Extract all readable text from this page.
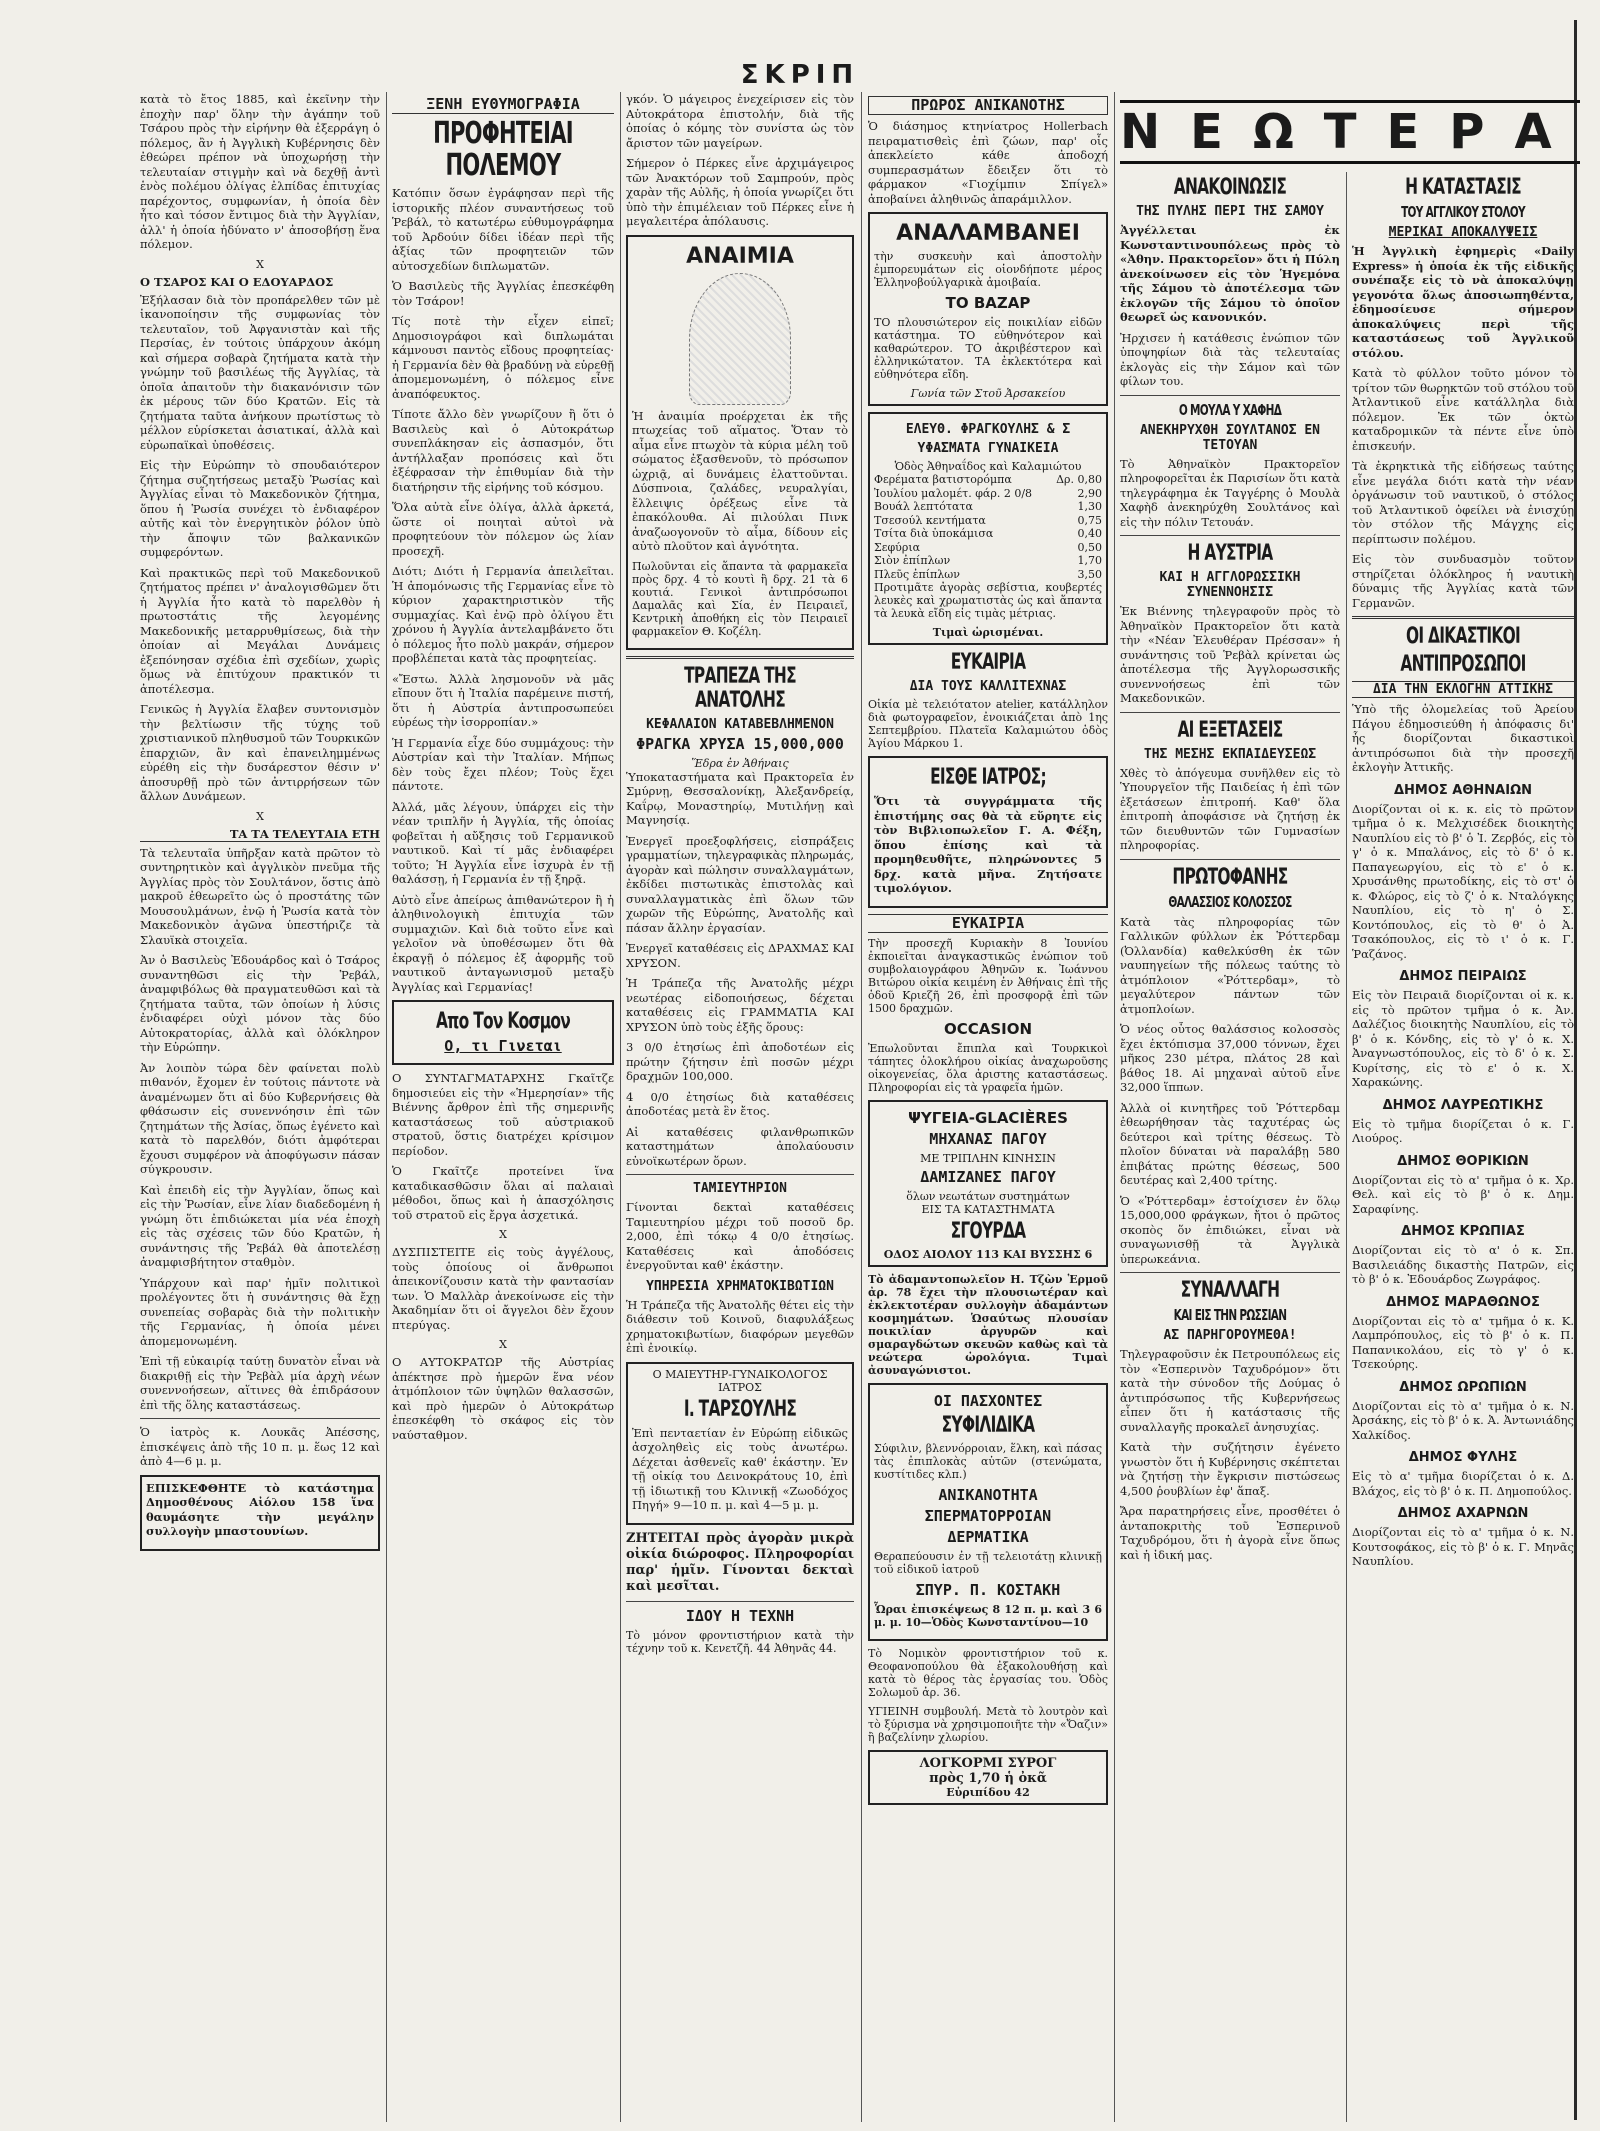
ΣΚΡΙΠ

κατὰ τὸ ἔτος 1885, καὶ ἐκεῖνην τὴν ἐποχὴν παρ' ὅλην τὴν ἀγάπην τοῦ Τσάρου πρὸς τὴν εἰρήνην θὰ ἐξερράγη ὁ πόλεμος, ἂν ἡ Ἀγγλικὴ Κυβέρνησις δὲν ἐθεώρει πρέπον νὰ ὑποχωρήσῃ τὴν τελευταίαν στιγμὴν καὶ νὰ δεχθῇ ἀντὶ ἑνὸς πολέμου ὀλίγας ἐλπίδας ἐπιτυχίας παρέχοντος, συμφωνίαν, ἡ ὁποία δὲν ἦτο καὶ τόσον ἔντιμος διὰ τὴν Ἀγγλίαν, ἀλλ' ἡ ὁποία ἠδύνατο ν' ἀποσοβήσῃ ἕνα πόλεμον.

Χ
Ο ΤΣΑΡΟΣ ΚΑΙ Ο ΕΔΟΥΑΡΔΟΣ

Ἐξήλασαν διὰ τὸν προπάρελθεν τῶν μὲ ἱκανοποίησιν τῆς συμφωνίας τὸν τελευταῖον, τοῦ Ἀφγανιστὰν καὶ τῆς Περσίας, ἐν τούτοις ὑπάρχουν ἀκόμη καὶ σήμερα σοβαρὰ ζητήματα κατὰ τὴν γνώμην τοῦ βασιλέως τῆς Ἀγγλίας, τὰ ὁποῖα ἀπαιτοῦν τὴν διακανόνισιν τῶν ἐκ μέρους τῶν δύο Κρατῶν. Εἰς τὰ ζητήματα ταῦτα ἀνήκουν πρωτίστως τὸ μέλλον εὑρίσκεται ἀσιατικαί, ἀλλὰ καὶ εὐρωπαϊκαὶ ὑποθέσεις.

Εἰς τὴν Εὐρώπην τὸ σπουδαιότερον ζήτημα συζητήσεως μεταξὺ Ῥωσίας καὶ Ἀγγλίας εἶναι τὸ Μακεδονικὸν ζήτημα, ὅπου ἡ Ῥωσία συνέχει τὸ ἐνδιαφέρον αὐτῆς καὶ τὸν ἐνεργητικὸν ῥόλον ὑπὸ τὴν ἄποψιν τῶν βαλκανικῶν συμφερόντων.

Καὶ πρακτικῶς περὶ τοῦ Μακεδονικοῦ ζητήματος πρέπει ν' ἀναλογισθῶμεν ὅτι ἡ Ἀγγλία ἦτο κατὰ τὸ παρελθὸν ἡ πρωτοστάτις τῆς λεγομένης Μακεδονικῆς μεταρρυθμίσεως, διὰ τὴν ὁποίαν αἱ Μεγάλαι Δυνάμεις ἐξεπόνησαν σχέδια ἐπὶ σχεδίων, χωρὶς ὅμως νὰ ἐπιτύχουν πρακτικόν τι ἀποτέλεσμα.

Γενικῶς ἡ Ἀγγλία ἔλαβεν συντονισμὸν τὴν βελτίωσιν τῆς τύχης τοῦ χριστιανικοῦ πληθυσμοῦ τῶν Τουρκικῶν ἐπαρχιῶν, ἂν καὶ ἐπανειλημμένως εὑρέθη εἰς τὴν δυσάρεστον θέσιν ν' ἀποσυρθῇ πρὸ τῶν ἀντιρρήσεων τῶν ἄλλων Δυνάμεων.

Χ
ΤΑ ΤΑ ΤΕΛΕΥΤΑΙΑ ΕΤΗ

Τὰ τελευταῖα ὑπῆρξαν κατὰ πρῶτον τὸ συντηρητικὸν καὶ ἀγγλικὸν πνεῦμα τῆς Ἀγγλίας πρὸς τὸν Σουλτάνον, ὅστις ἀπὸ μακροῦ ἐθεωρεῖτο ὡς ὁ προστάτης τῶν Μουσουλμάνων, ἐνῷ ἡ Ῥωσία κατὰ τὸν Μακεδονικὸν ἀγῶνα ὑπεστήριζε τὰ Σλαυϊκὰ στοιχεῖα.

Ἀν ὁ Βασιλεὺς Ἐδουάρδος καὶ ὁ Τσάρος συναντηθῶσι εἰς τὴν Ῥεβάλ, ἀναμφιβόλως θὰ πραγματευθῶσι καὶ τὰ ζητήματα ταῦτα, τῶν ὁποίων ἡ λύσις ἐνδιαφέρει οὐχὶ μόνον τὰς δύο Αὐτοκρατορίας, ἀλλὰ καὶ ὁλόκληρον τὴν Εὐρώπην.

Ἀν λοιπὸν τώρα δὲν φαίνεται πολὺ πιθανόν, ἔχομεν ἐν τούτοις πάντοτε νὰ ἀναμένωμεν ὅτι αἱ δύο Κυβερνήσεις θὰ φθάσωσιν εἰς συνεννόησιν ἐπὶ τῶν ζητημάτων τῆς Ἀσίας, ὅπως ἐγένετο καὶ κατὰ τὸ παρελθόν, διότι ἀμφότεραι ἔχουσι συμφέρον νὰ ἀποφύγωσιν πάσαν σύγκρουσιν.

Καὶ ἐπειδὴ εἰς τὴν Ἀγγλίαν, ὅπως καὶ εἰς τὴν Ῥωσίαν, εἶνε λίαν διαδεδομένη ἡ γνώμη ὅτι ἐπιδιώκεται μία νέα ἐποχὴ εἰς τὰς σχέσεις τῶν δύο Κρατῶν, ἡ συνάντησις τῆς Ῥεβάλ θὰ ἀποτελέσῃ ἀναμφισβήτητον σταθμὸν.

Ὑπάρχουν καὶ παρ' ἡμῖν πολιτικοὶ προλέγοντες ὅτι ἡ συνάντησις θὰ ἔχῃ συνεπείας σοβαρὰς διὰ τὴν πολιτικὴν τῆς Γερμανίας, ἡ ὁποία μένει ἀπομεμονωμένη.

Ἐπὶ τῇ εὐκαιρίᾳ ταύτῃ δυνατὸν εἶναι νὰ διακριθῇ εἰς τὴν Ῥεβὰλ μία ἀρχὴ νέων συνεννοήσεων, αἵτινες θὰ ἐπιδράσουν ἐπὶ τῆς ὅλης καταστάσεως.

Ὁ ἰατρὸς κ. Λουκᾶς Ἀπέσσης, ἐπισκέψεις ἀπὸ τῆς 10 π. μ. ἕως 12 καὶ ἀπὸ 4—6 μ. μ.

ΕΠΙΣΚΕΦΘΗΤΕ τὸ κατάστημα Δημοσθένους Αἰόλου 158 ἵνα θαυμάσητε τὴν μεγάλην συλλογὴν μπαστουνίων.

ΞΕΝΗ ΕΥΘΥΜΟΓΡΑΦΙΑ
ΠΡΟΦΗΤΕΙΑΙ ΠΟΛΕΜΟΥ

Κατόπιν ὅσων ἐγράφησαν περὶ τῆς ἱστορικῆς πλέον συναντήσεως τοῦ Ῥεβάλ, τὸ κατωτέρω εὐθυμογράφημα τοῦ Ἀρδούιν δίδει ἰδέαν περὶ τῆς ἀξίας τῶν προφητειῶν τῶν αὐτοσχεδίων διπλωματῶν.

Ὁ Βασιλεὺς τῆς Ἀγγλίας ἐπεσκέφθη τὸν Τσάρον!

Τίς ποτὲ τὴν εἶχεν εἰπεῖ; Δημοσιογράφοι καὶ διπλωμάται κάμνουσι παντὸς εἴδους προφητείας· ἡ Γερμανία δὲν θὰ βραδύνῃ νὰ εὑρεθῇ ἀπομεμονωμένη, ὁ πόλεμος εἶνε ἀναπόφευκτος.

Τίποτε ἄλλο δὲν γνωρίζουν ἢ ὅτι ὁ Βασιλεὺς καὶ ὁ Αὐτοκράτωρ συνεπλάκησαν εἰς ἀσπασμόν, ὅτι ἀντήλλαξαν προπόσεις καὶ ὅτι ἐξέφρασαν τὴν ἐπιθυμίαν διὰ τὴν διατήρησιν τῆς εἰρήνης τοῦ κόσμου.

Ὅλα αὐτὰ εἶνε ὀλίγα, ἀλλὰ ἀρκετά, ὥστε οἱ ποιηταὶ αὐτοὶ νὰ προφητεύουν τὸν πόλεμον ὡς λίαν προσεχῆ.

Διότι; Διότι ἡ Γερμανία ἀπειλεῖται. Ἡ ἀπομόνωσις τῆς Γερμανίας εἶνε τὸ κύριον χαρακτηριστικὸν τῆς συμμαχίας. Καὶ ἐνῷ πρὸ ὀλίγου ἔτι χρόνου ἡ Ἀγγλία ἀντελαμβάνετο ὅτι ὁ πόλεμος ἦτο πολὺ μακράν, σήμερον προβλέπεται κατὰ τὰς προφητείας.

«Ἔστω. Ἀλλὰ λησμονοῦν νὰ μᾶς εἴπουν ὅτι ἡ Ἰταλία παρέμεινε πιστή, ὅτι ἡ Αὐστρία ἀντιπροσωπεύει εὐρέως τὴν ἰσορροπίαν.»

Ἡ Γερμανία εἶχε δύο συμμάχους: τὴν Αὐστρίαν καὶ τὴν Ἰταλίαν. Μήπως δὲν τοὺς ἔχει πλέον; Τοὺς ἔχει πάντοτε.

Ἀλλά, μᾶς λέγουν, ὑπάρχει εἰς τὴν νέαν τριπλῆν ἡ Ἀγγλία, τῆς ὁποίας φοβεῖται ἡ αὔξησις τοῦ Γερμανικοῦ ναυτικοῦ. Καὶ τί μᾶς ἐνδιαφέρει τοῦτο; Ἡ Ἀγγλία εἶνε ἰσχυρὰ ἐν τῇ θαλάσσῃ, ἡ Γερμανία ἐν τῇ ξηρᾷ.

Αὐτὸ εἶνε ἀπείρως ἀπιθανώτερον ἢ ἡ ἀληθινολογικὴ ἐπιτυχία τῶν συμμαχιῶν. Καὶ διὰ τοῦτο εἶνε καὶ γελοῖον νὰ ὑποθέσωμεν ὅτι θὰ ἐκραγῇ ὁ πόλεμος ἐξ ἀφορμῆς τοῦ ναυτικοῦ ἀνταγωνισμοῦ μεταξὺ Ἀγγλίας καὶ Γερμανίας!

Απο Τον Κοσμον
Ο, τι Γινεται

Ο ΣΥΝΤΑΓΜΑΤΑΡΧΗΣ Γκαῖτζε δημοσιεύει εἰς τὴν «Ἡμερησίαν» τῆς Βιέννης ἄρθρον ἐπὶ τῆς σημερινῆς καταστάσεως τοῦ αὐστριακοῦ στρατοῦ, ὅστις διατρέχει κρίσιμον περίοδον.

Ὁ Γκαῖτζε προτείνει ἵνα καταδικασθῶσιν ὅλαι αἱ παλαιαὶ μέθοδοι, ὅπως καὶ ἡ ἀπασχόλησις τοῦ στρατοῦ εἰς ἔργα ἀσχετικά.

Χ

ΔΥΣΠΙΣΤΕΙΤΕ εἰς τοὺς ἀγγέλους, τοὺς ὁποίους οἱ ἄνθρωποι ἀπεικονίζουσιν κατὰ τὴν φαντασίαν των. Ὁ Μαλλὰρ ἀνεκοίνωσε εἰς τὴν Ἀκαδημίαν ὅτι οἱ ἄγγελοι δὲν ἔχουν πτερύγας.

Χ

Ο ΑΥΤΟΚΡΑΤΩΡ τῆς Αὐστρίας ἀπέκτησε πρὸ ἡμερῶν ἕνα νέον ἀτμόπλοιον τῶν ὑψηλῶν θαλασσῶν, καὶ πρὸ ἡμερῶν ὁ Αὐτοκράτωρ ἐπεσκέφθη τὸ σκάφος εἰς τὸν ναύσταθμον.

γκόν. Ὁ μάγειρος ἐνεχείρισεν εἰς τὸν Αὐτοκράτορα ἐπιστολήν, διὰ τῆς ὁποίας ὁ κόμης τὸν συνίστα ὡς τὸν ἄριστον τῶν μαγείρων.

Σήμερον ὁ Πέρκες εἶνε ἀρχιμάγειρος τῶν Ἀνακτόρων τοῦ Σαμπρούν, πρὸς χαρὰν τῆς Αὐλῆς, ἡ ὁποία γνωρίζει ὅτι ὑπὸ τὴν ἐπιμέλειαν τοῦ Πέρκες εἶνε ἡ μεγαλειτέρα ἀπόλαυσις.

ΑΝΑΙΜΙΑ

Ἡ ἀναιμία προέρχεται ἐκ τῆς πτωχείας τοῦ αἵματος. Ὅταν τὸ αἷμα εἶνε πτωχὸν τὰ κύρια μέλη τοῦ σώματος ἐξασθενοῦν, τὸ πρόσωπον ὠχριᾷ, αἱ δυνάμεις ἐλαττοῦνται. Δύσπνοια, ζαλάδες, νευραλγίαι, ἔλλειψις ὀρέξεως εἶνε τὰ ἐπακόλουθα. Αἱ πιλούλαι Πινκ ἀναζωογονοῦν τὸ αἷμα, δίδουν εἰς αὐτὸ πλοῦτον καὶ ἁγνότητα.

Πωλοῦνται εἰς ἅπαντα τὰ φαρμακεῖα πρὸς δρχ. 4 τὸ κουτὶ ἢ δρχ. 21 τὰ 6 κουτιά. Γενικοὶ ἀντιπρόσωποι Δαμαλᾶς καὶ Σία, ἐν Πειραιεῖ, Κεντρικὴ ἀποθήκη εἰς τὸν Πειραιεῖ φαρμακεῖον Θ. Κοζέλη.

ΤΡΑΠΕΖΑ ΤΗΣ ΑΝΑΤΟΛΗΣ
ΚΕΦΑΛΑΙΟΝ ΚΑΤΑΒΕΒΛΗΜΕΝΟΝ
ΦΡΑΓΚΑ ΧΡΥΣΑ 15,000,000
Ἕδρα ἐν Ἀθήναις

Ὑποκαταστήματα καὶ Πρακτορεῖα ἐν Σμύρνῃ, Θεσσαλονίκῃ, Ἀλεξανδρείᾳ, Καΐρῳ, Μοναστηρίῳ, Μυτιλήνῃ καὶ Μαγνησίᾳ.

Ἐνεργεῖ προεξοφλήσεις, εἰσπράξεις γραμματίων, τηλεγραφικὰς πληρωμάς, ἀγορὰν καὶ πώλησιν συναλλαγμάτων, ἐκδίδει πιστωτικὰς ἐπιστολὰς καὶ συναλλαγματικὰς ἐπὶ ὅλων τῶν χωρῶν τῆς Εὐρώπης, Ἀνατολῆς καὶ πάσαν ἄλλην ἐργασίαν.

Ἐνεργεῖ καταθέσεις εἰς ΔΡΑΧΜΑΣ ΚΑΙ ΧΡΥΣΟΝ.

Ἡ Τράπεζα τῆς Ἀνατολῆς μέχρι νεωτέρας εἰδοποιήσεως, δέχεται καταθέσεις εἰς ΓΡΑΜΜΑΤΙΑ ΚΑΙ ΧΡΥΣΟΝ ὑπὸ τοὺς ἑξῆς ὅρους:

3 0/0 ἐτησίως ἐπὶ ἀποδοτέων εἰς πρώτην ζήτησιν ἐπὶ ποσῶν μέχρι δραχμῶν 100,000.

4 0/0 ἐτησίως διὰ καταθέσεις ἀποδοτέας μετὰ ἓν ἔτος.

Αἱ καταθέσεις φιλανθρωπικῶν καταστημάτων ἀπολαύουσιν εὐνοϊκωτέρων ὅρων.

ΤΑΜΙΕΥΤΗΡΙΟΝ

Γίνονται δεκταὶ καταθέσεις Ταμιευτηρίου μέχρι τοῦ ποσοῦ δρ. 2,000, ἐπὶ τόκῳ 4 0/0 ἐτησίως. Καταθέσεις καὶ ἀποδόσεις ἐνεργοῦνται καθ' ἑκάστην.

ΥΠΗΡΕΣΙΑ ΧΡΗΜΑΤΟΚΙΒΩΤΙΩΝ

Ἡ Τράπεζα τῆς Ἀνατολῆς θέτει εἰς τὴν διάθεσιν τοῦ Κοινοῦ, διαφυλάξεως χρηματοκιβωτίων, διαφόρων μεγεθῶν ἐπὶ ἐνοικίῳ.

Ο ΜΑΙΕΥΤΗΡ-ΓΥΝΑΙΚΟΛΟΓΟΣ ΙΑΤΡΟΣ
Ι. ΤΑΡΣΟΥΛΗΣ

Ἐπὶ πενταετίαν ἐν Εὐρώπῃ εἰδικῶς ἀσχοληθεὶς εἰς τοὺς ἀνωτέρω. Δέχεται ἀσθενεῖς καθ' ἑκάστην. Ἐν τῇ οἰκίᾳ του Δεινοκράτους 10, ἐπὶ τῇ ἰδιωτικῇ του Κλινικῇ «Ζωοδόχος Πηγή» 9—10 π. μ. καὶ 4—5 μ. μ.

ΖΗΤΕΙΤΑΙ πρὸς ἀγορὰν μικρὰ οἰκία διώροφος. Πληροφορίαι παρ' ἡμῖν. Γίνονται δεκταὶ καὶ μεσῖται.

ΙΔΟΥ Η ΤΕΧΝΗ

Τὸ μόνον φροντιστήριον κατὰ τὴν τέχνην τοῦ κ. Κενετζῆ. 44 Ἀθηνᾶς 44.

ΠΡΩΡΟΣ ΑΝΙΚΑΝΟΤΗΣ

Ὁ διάσημος κτηνίατρος Hollerbach πειραματισθεὶς ἐπὶ ζώων, παρ' οἷς ἀπεκλείετο κάθε ἀποδοχή συμπερασμάτων ἔδειξεν ὅτι τὸ φάρμακον «Γιοχίμπιν Σπίγελ» ἀποβαίνει ἀληθινῶς ἀπαράμιλλον.

ΑΝΑΛΑΜΒΑΝΕΙ

τὴν συσκευὴν καὶ ἀποστολὴν ἐμπορευμάτων εἰς οἱονδήποτε μέρος Ἐλληνοβούλγαρικὰ ἀμοιβαία.

ΤΟ ΒΑΖΑΡ

ΤΟ πλουσιώτερον εἰς ποικιλίαν εἰδῶν κατάστημα. ΤΟ εὐθηνότερον καὶ καθαρώτερον. ΤΟ ἀκριβέστερον καὶ ἐλληνικώτατον. ΤΑ ἐκλεκτότερα καὶ εὐθηνότερα εἴδη.

Γωνία τῶν Στοῦ Ἀρσακείου
ΕΛΕΥΘ. ΦΡΑΓΚΟΥΛΗΣ & Σ
ΥΦΑΣΜΑΤΑ ΓΥΝΑΙΚΕΙΑ
Ὁδὸς Ἀθηναΐδος καὶ Καλαμιώτου
Φερέματα βατιστορόμπα	Δρ. 0,80
Ἰουλίου μαλομέτ. φάρ. 2 0/8	2,90
Βουάλ λεπτότατα	1,30
Τσεσούλ κεντήματα	0,75
Τσίτα διὰ ὑποκάμισα	0,40
Σεφύρια	0,50
Σιὸν ἐπίπλων	1,70
Πλεῦς ἐπίπλων	3,50

Προτιμᾶτε ἀγορὰς σεβίστια, κουβερτές λευκὲς καὶ χρωματιστὰς ὡς καὶ ἅπαντα τὰ λευκὰ εἴδη εἰς τιμὰς μέτριας.

Τιμαὶ ὡρισμέναι.
ΕΥΚΑΙΡΙΑ
ΔΙΑ ΤΟΥΣ ΚΑΛΛΙΤΕΧΝΑΣ

Οἰκία μὲ τελειότατον atelier, κατάλληλον διὰ φωτογραφεῖον, ἐνοικιάζεται ἀπὸ 1ης Σεπτεμβρίου. Πλατεῖα Καλαμιώτου ὁδὸς Ἁγίου Μάρκου 1.

ΕΙΣΘΕ ΙΑΤΡΟΣ;

Ὅτι τὰ συγγράμματα τῆς ἐπιστήμης σας θὰ τὰ εὕρητε εἰς τὸν Βιβλιοπωλεῖον Γ. Α. Φέξη, ὅπου ἐπίσης καὶ τὰ προμηθευθῆτε, πληρώνοντες 5 δρχ. κατὰ μῆνα. Ζητήσατε τιμολόγιον.

ΕΥΚΑΙΡΙΑ

Τὴν προσεχῆ Κυριακὴν 8 Ἰουνίου ἐκποιεῖται ἀναγκαστικῶς ἐνώπιον τοῦ συμβολαιογράφου Ἀθηνῶν κ. Ἰωάννου Βιτώρου οἰκία κειμένη ἐν Ἀθήναις ἐπὶ τῆς ὁδοῦ Κριεζῆ 26, ἐπὶ προσφορᾷ ἐπὶ τῶν 1500 δραχμῶν.

OCCASION

Ἐπωλοῦνται ἔπιπλα καὶ Τουρκικοὶ τάπητες ὁλοκλήρου οἰκίας ἀναχωροῦσης οἰκογενείας, ὅλα ἀριστης καταστάσεως. Πληροφορίαι εἰς τὰ γραφεῖα ἡμῶν.

ΨΥΓΕΙΑ-GLACIÈRES
ΜΗΧΑΝΑΣ ΠΑΓΟΥ
ΜΕ ΤΡΙΠΛΗΝ ΚΙΝΗΣΙΝ
ΔΑΜΙΖΑΝΕΣ ΠΑΓΟΥ
ὅλων νεωτάτων συστημάτων
ΕΙΣ ΤΑ ΚΑΤΑΣΤΗΜΑΤΑ
ΣΓΟΥΡΔΑ
ΟΔΟΣ ΑΙΟΛΟΥ 113 ΚΑΙ ΒΥΣΣΗΣ 6

Τὸ ἀδαμαντοπωλεῖον Η. Τζὼν Ἑρμοῦ ἀρ. 78 ἔχει τὴν πλουσιωτέραν καὶ ἐκλεκτοτέραν συλλογὴν ἀδαμάντων κοσμημάτων. Ὡσαύτως πλουσίαν ποικιλίαν ἀργυρῶν καὶ σμαραγδώτων σκευῶν καθὼς καὶ τὰ νεώτερα ὡρολόγια. Τιμαὶ ἀσυναγώνιστοι.

ΟΙ ΠΑΣΧΟΝΤΕΣ
ΣΥΦΙΛΙΔΙΚΑ

Σύφιλιν, βλεννόρροιαν, ἕλκη, καὶ πάσας τὰς ἐπιπλοκὰς αὐτῶν (στενώματα, κυστίτιδες κλπ.)

ΑΝΙΚΑΝΟΤΗΤΑ
ΣΠΕΡΜΑΤΟΡΡΟΙΑΝ
ΔΕΡΜΑΤΙΚΑ

Θεραπεύουσιν ἐν τῇ τελειοτάτῃ κλινικῇ τοῦ εἰδικοῦ ἰατροῦ

ΣΠΥΡ. Π. ΚΟΣΤΑΚΗ

Ὧραι ἐπισκέψεως 8 12 π. μ. καὶ 3 6 μ. μ. 10—Ὁδὸς Κωνσταντίνου—10

Τὸ Νομικὸν φροντιστήριον τοῦ κ. Θεοφανοπούλου θὰ ἐξακολουθήσῃ καὶ κατὰ τὸ θέρος τὰς ἐργασίας του. Ὁδὸς Σολωμοῦ ἀρ. 36.

ΥΓΙΕΙΝΗ συμβουλή. Μετὰ τὸ λουτρὸν καὶ τὸ ξύρισμα νὰ χρησιμοποιῆτε τὴν «Ὄαζιν» ἢ βαζελίνην χλωρίου.

ΛΟΓΚΟΡΜΙ ΣΥΡΟΓ
πρὸς 1,70 ἡ ὀκᾶ
Εὐριπίδου 42
ΝΕΩΤΕΡΑ
ΑΝΑΚΟΙΝΩΣΙΣ
ΤΗΣ ΠΥΛΗΣ ΠΕΡΙ ΤΗΣ ΣΑΜΟΥ

Ἀγγέλλεται ἐκ Κωνσταντινουπόλεως πρὸς τὸ «Ἀθην. Πρακτορεῖον» ὅτι ἡ Πύλη ἀνεκοίνωσεν εἰς τὸν Ἡγεμόνα τῆς Σάμου τὸ ἀποτέλεσμα τῶν ἐκλογῶν τῆς Σάμου τὸ ὁποῖον θεωρεῖ ὡς κανονικόν.

Ἠρχισεν ἡ κατάθεσις ἐνώπιον τῶν ὑποψηφίων διὰ τὰς τελευταίας ἐκλογὰς εἰς τὴν Σάμον καὶ τῶν φίλων του.

Ο ΜΟΥΛΑ Υ ΧΑΦΗΔ
ΑΝΕΚΗΡΥΧΘΗ ΣΟΥΛΤΑΝΟΣ ΕΝ ΤΕΤΟΥΑΝ

Τὸ Ἀθηναϊκὸν Πρακτορεῖον πληροφορεῖται ἐκ Παρισίων ὅτι κατὰ τηλεγράφημα ἐκ Ταγγέρης ὁ Μουλὰ Χαφὴδ ἀνεκηρύχθη Σουλτάνος καὶ εἰς τὴν πόλιν Τετουάν.

Η ΑΥΣΤΡΙΑ
ΚΑΙ Η ΑΓΓΛΟΡΩΣΣΙΚΗ ΣΥΝΕΝΝΟΗΣΙΣ

Ἐκ Βιέννης τηλεγραφοῦν πρὸς τὸ Ἀθηναϊκὸν Πρακτορεῖον ὅτι κατὰ τὴν «Νέαν Ἐλευθέραν Πρέσσαν» ἡ συνάντησις τοῦ Ῥεβὰλ κρίνεται ὡς ἀποτέλεσμα τῆς Ἀγγλορωσσικῆς συνεννοήσεως ἐπὶ τῶν Μακεδονικῶν.

ΑΙ ΕΞΕΤΑΣΕΙΣ
ΤΗΣ ΜΕΣΗΣ ΕΚΠΑΙΔΕΥΣΕΩΣ

Χθὲς τὸ ἀπόγευμα συνῆλθεν εἰς τὸ Ὑπουργεῖον τῆς Παιδείας ἡ ἐπὶ τῶν ἐξετάσεων ἐπιτροπή. Καθ' ὅλα ἐπιτροπὴ ἀποφάσισε νὰ ζητήσῃ ἐκ τῶν διευθυντῶν τῶν Γυμνασίων πληροφορίας.

ΠΡΩΤΟΦΑΝΗΣ
ΘΑΛΑΣΣΙΟΣ ΚΟΛΟΣΣΟΣ

Κατὰ τὰς πληροφορίας τῶν Γαλλικῶν φύλλων ἐκ Ῥόττερδαμ (Ὀλλανδία) καθελκύσθη ἐκ τῶν ναυπηγείων τῆς πόλεως ταύτης τὸ ἀτμόπλοιον «Ῥόττερδαμ», τὸ μεγαλύτερον πάντων τῶν ἀτμοπλοίων.

Ὁ νέος οὗτος θαλάσσιος κολοσσὸς ἔχει ἐκτόπισμα 37,000 τόννων, ἔχει μῆκος 230 μέτρα, πλάτος 28 καὶ βάθος 18. Αἱ μηχαναὶ αὐτοῦ εἶνε 32,000 ἵππων.

Ἀλλὰ οἱ κινητῆρες τοῦ Ῥόττερδαμ ἐθεωρήθησαν τὰς ταχυτέρας ὡς δεύτεροι καὶ τρίτης θέσεως. Τὸ πλοῖον δύναται νὰ παραλάβῃ 580 ἐπιβάτας πρώτης θέσεως, 500 δευτέρας καὶ 2,400 τρίτης.

Ὁ «Ῥόττερδαμ» ἐστοίχισεν ἐν ὅλῳ 15,000,000 φράγκων, ἤτοι ὁ πρῶτος σκοπὸς ὅν ἐπιδιώκει, εἶναι νὰ συναγωνισθῇ τὰ Ἀγγλικὰ ὑπερωκεάνια.

ΣΥΝΑΛΛΑΓΗ
ΚΑΙ ΕΙΣ ΤΗΝ ΡΩΣΣΙΑΝ
ΑΣ ΠΑΡΗΓΟΡΟΥΜΕΘΑ!

Τηλεγραφοῦσιν ἐκ Πετρουπόλεως εἰς τὸν «Ἑσπερινὸν Ταχυδρόμον» ὅτι κατὰ τὴν σύνοδον τῆς Δούμας ὁ ἀντιπρόσωπος τῆς Κυβερνήσεως εἶπεν ὅτι ἡ κατάστασις τῆς συναλλαγῆς προκαλεῖ ἀνησυχίας.

Κατὰ τὴν συζήτησιν ἐγένετο γνωστὸν ὅτι ἡ Κυβέρνησις σκέπτεται νὰ ζητήσῃ τὴν ἔγκρισιν πιστώσεως 4,500 ῥουβλίων ἐφ' ἅπαξ.

Ἄρα παρατηρήσεις εἶνε, προσθέτει ὁ ἀνταποκριτὴς τοῦ Ἑσπερινοῦ Ταχυδρόμου, ὅτι ἡ ἀγορὰ εἶνε ὅπως καὶ ἡ ἰδική μας.

Η ΚΑΤΑΣΤΑΣΙΣ
ΤΟΥ ΑΓΓΛΙΚΟΥ ΣΤΟΛΟΥ
ΜΕΡΙΚΑΙ ΑΠΟΚΑΛΥΨΕΙΣ

Ἡ Ἀγγλικὴ ἐφημερὶς «Daily Express» ἡ ὁποία ἐκ τῆς εἰδικῆς συνέπαξε εἰς τὸ νὰ ἀποκαλύψῃ γεγονότα ὅλως ἀποσιωπηθέντα, ἐδημοσίευσε σήμερον ἀποκαλύψεις περὶ τῆς καταστάσεως τοῦ Ἀγγλικοῦ στόλου.

Κατὰ τὸ φύλλον τοῦτο μόνον τὸ τρίτον τῶν θωρηκτῶν τοῦ στόλου τοῦ Ἀτλαντικοῦ εἶνε κατάλληλα διὰ πόλεμον. Ἐκ τῶν ὀκτὼ καταδρομικῶν τὰ πέντε εἶνε ὑπὸ ἐπισκευήν.

Τὰ ἐκρηκτικὰ τῆς εἰδήσεως ταύτης εἶνε μεγάλα διότι κατὰ τὴν νέαν ὀργάνωσιν τοῦ ναυτικοῦ, ὁ στόλος τοῦ Ἀτλαντικοῦ ὀφείλει νὰ ἐνισχύῃ τὸν στόλον τῆς Μάγχης εἰς περίπτωσιν πολέμου.

Εἰς τὸν συνδυασμὸν τοῦτον στηρίζεται ὁλόκληρος ἡ ναυτικὴ δύναμις τῆς Ἀγγλίας κατὰ τῶν Γερμανῶν.

ΟΙ ΔΙΚΑΣΤΙΚΟΙ
ΑΝΤΙΠΡΟΣΩΠΟΙ
ΔΙΑ ΤΗΝ ΕΚΛΟΓΗΝ ΑΤΤΙΚΗΣ

Ὑπὸ τῆς ὁλομελείας τοῦ Ἀρείου Πάγου ἐδημοσιεύθη ἡ ἀπόφασις δι' ἧς διορίζονται δικαστικοὶ ἀντιπρόσωποι διὰ τὴν προσεχῆ ἐκλογὴν Ἀττικῆς.

ΔΗΜΟΣ ΑΘΗΝΑΙΩΝ

Διορίζονται οἱ κ. κ. εἰς τὸ πρῶτον τμῆμα ὁ κ. Μελχισέδεκ διοικητὴς Ναυπλίου εἰς τὸ β' ὁ Ἰ. Ζερβός, εἰς τὸ γ' ὁ κ. Μπαλάνος, εἰς τὸ δ' ὁ κ. Παπαγεωργίου, εἰς τὸ ε' ὁ κ. Χρυσάνθης πρωτοδίκης, εἰς τὸ στ' ὁ κ. Φλώρος, εἰς τὸ ζ' ὁ κ. Νταλόγκης Ναυπλίου, εἰς τὸ η' ὁ Σ. Κοντόπουλος, εἰς τὸ θ' ὁ Ἀ. Τσακόπουλος, εἰς τὸ ι' ὁ κ. Γ. Ῥαζάνος.

ΔΗΜΟΣ ΠΕΙΡΑΙΩΣ

Εἰς τὸν Πειραιᾶ διορίζονται οἱ κ. κ. εἰς τὸ πρῶτον τμῆμα ὁ κ. Ἀν. Δαλέζιος διοικητὴς Ναυπλίου, εἰς τὸ β' ὁ κ. Κόνδης, εἰς τὸ γ' ὁ κ. Χ. Ἀναγνωστόπουλος, εἰς τὸ δ' ὁ κ. Σ. Κυρίτσης, εἰς τὸ ε' ὁ κ. Χ. Χαρακώνης.

ΔΗΜΟΣ ΛΑΥΡΕΩΤΙΚΗΣ

Εἰς τὸ τμῆμα διορίζεται ὁ κ. Γ. Λιούρος.

ΔΗΜΟΣ ΘΟΡΙΚΙΩΝ

Διορίζονται εἰς τὸ α' τμῆμα ὁ κ. Χρ. Θελ. καὶ εἰς τὸ β' ὁ κ. Δημ. Σαραφίνης.

ΔΗΜΟΣ ΚΡΩΠΙΑΣ

Διορίζονται εἰς τὸ α' ὁ κ. Σπ. Βασιλειάδης δικαστὴς Πατρῶν, εἰς τὸ β' ὁ κ. Ἐδουάρδος Ζωγράφος.

ΔΗΜΟΣ ΜΑΡΑΘΩΝΟΣ

Διορίζονται εἰς τὸ α' τμῆμα ὁ κ. Κ. Λαμπρόπουλος, εἰς τὸ β' ὁ κ. Π. Παπανικολάου, εἰς τὸ γ' ὁ κ. Τσεκούρης.

ΔΗΜΟΣ ΩΡΩΠΙΩΝ

Διορίζονται εἰς τὸ α' τμῆμα ὁ κ. Ν. Ἀρσάκης, εἰς τὸ β' ὁ κ. Ἀ. Ἀντωνιάδης Χαλκίδος.

ΔΗΜΟΣ ΦΥΛΗΣ

Εἰς τὸ α' τμῆμα διορίζεται ὁ κ. Δ. Βλάχος, εἰς τὸ β' ὁ κ. Π. Δημοπούλος.

ΔΗΜΟΣ ΑΧΑΡΝΩΝ

Διορίζονται εἰς τὸ α' τμῆμα ὁ κ. Ν. Κουτσοφάκος, εἰς τὸ β' ὁ κ. Γ. Μηνᾶς Ναυπλίου.
